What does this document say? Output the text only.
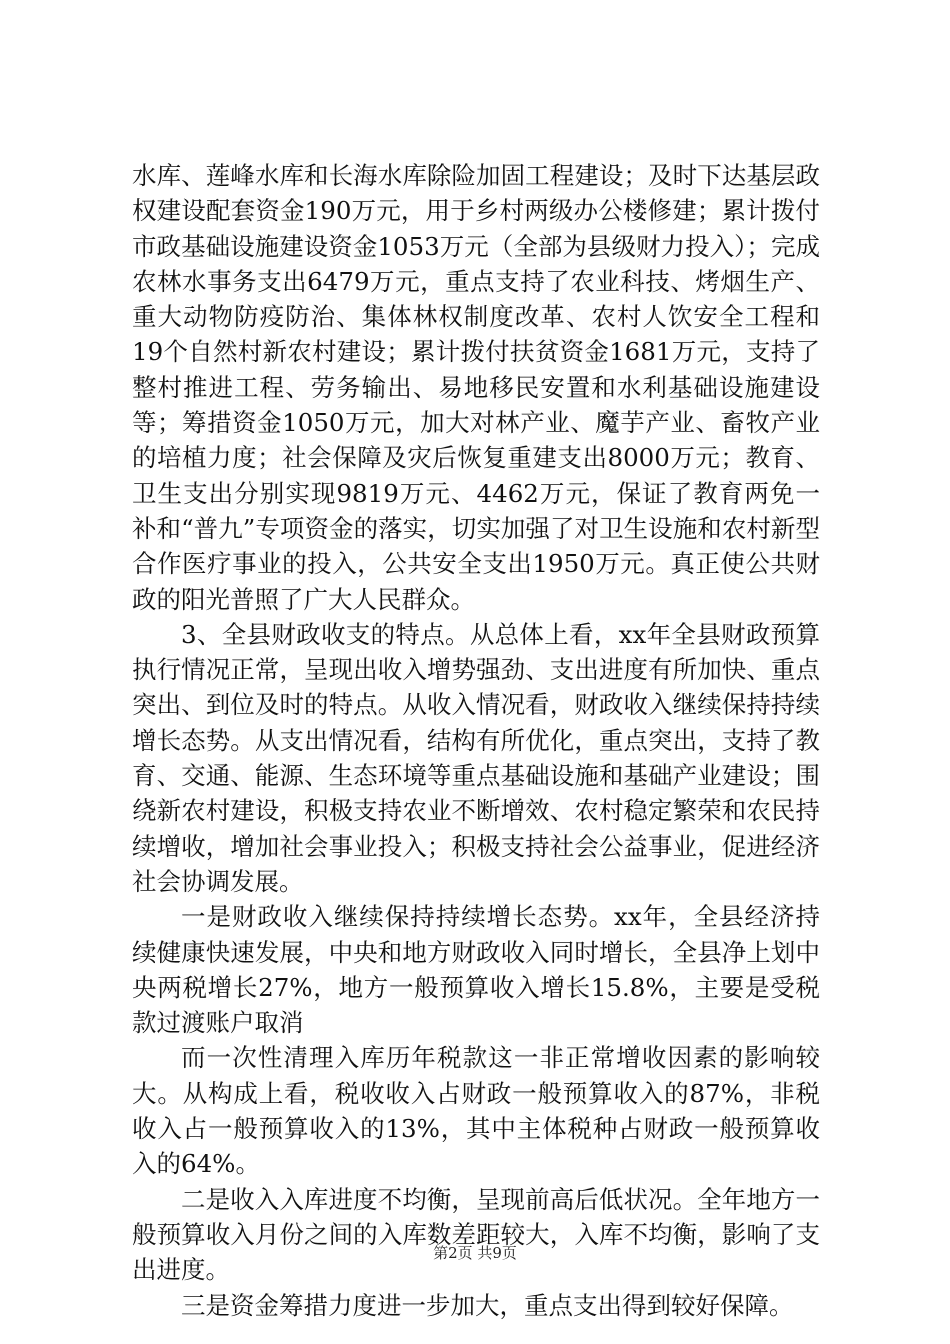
水库、莲峰水库和长海水库除险加固工程建设；及时下达基层政权建设配套资金190万元，用于乡村两级办公楼修建；累计拨付市政基础设施建设资金1053万元（全部为县级财力投入）；完成农林水事务支出6479万元，重点支持了农业科技、烤烟生产、重大动物防疫防治、集体林权制度改革、农村人饮安全工程和19个自然村新农村建设；累计拨付扶贫资金1681万元，支持了整村推进工程、劳务输出、易地移民安置和水利基础设施建设等；筹措资金1050万元，加大对林产业、魔芋产业、畜牧产业的培植力度；社会保障及灾后恢复重建支出8000万元；教育、卫生支出分别实现9819万元、4462万元，保证了教育两免一补和“普九”专项资金的落实，切实加强了对卫生设施和农村新型合作医疗事业的投入，公共安全支出1950万元。真正使公共财政的阳光普照了广大人民群众。

3、全县财政收支的特点。从总体上看，xx年全县财政预算执行情况正常，呈现出收入增势强劲、支出进度有所加快、重点突出、到位及时的特点。从收入情况看，财政收入继续保持持续增长态势。从支出情况看，结构有所优化，重点突出，支持了教育、交通、能源、生态环境等重点基础设施和基础产业建设；围绕新农村建设，积极支持农业不断增效、农村稳定繁荣和农民持续增收，增加社会事业投入；积极支持社会公益事业，促进经济社会协调发展。

一是财政收入继续保持持续增长态势。xx年，全县经济持续健康快速发展，中央和地方财政收入同时增长，全县净上划中央两税增长27%，地方一般预算收入增长15.8%，主要是受税款过渡账户取消

而一次性清理入库历年税款这一非正常增收因素的影响较大。从构成上看，税收收入占财政一般预算收入的87%，非税收入占一般预算收入的13%，其中主体税种占财政一般预算收入的64%。

二是收入入库进度不均衡，呈现前高后低状况。全年地方一般预算收入月份之间的入库数差距较大，入库不均衡，影响了支出进度。

三是资金筹措力度进一步加大，重点支出得到较好保障。

第2页 共9页
